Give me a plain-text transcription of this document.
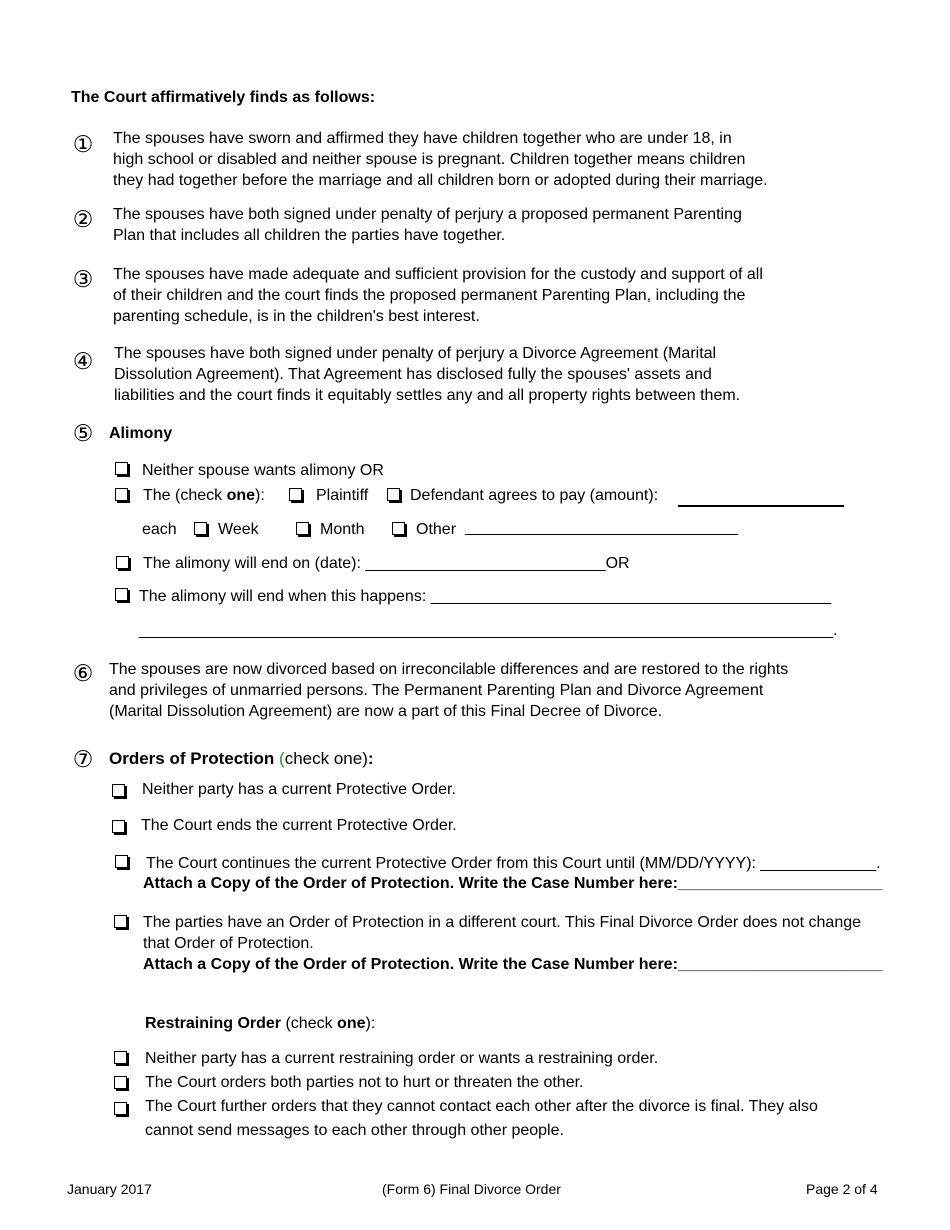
The Court affirmatively finds as follows:
① The spouses have sworn and affirmed they have children together who are under 18, in
high school or disabled and neither spouse is pregnant. Children together means children
they had together before the marriage and all children born or adopted during their marriage.
② The spouses have both signed under penalty of perjury a proposed permanent Parenting
Plan that includes all children the parties have together.
③ The spouses have made adequate and sufficient provision for the custody and support of all
of their children and the court finds the proposed permanent Parenting Plan, including the
parenting schedule, is in the children's best interest.
④ The spouses have both signed under penalty of perjury a Divorce Agreement (Marital
Dissolution Agreement). That Agreement has disclosed fully the spouses' assets and
liabilities and the court finds it equitably settles any and all property rights between them.
⑤ Alimony
Neither spouse wants alimony OR
The (check one):	Plaintiff	Defendant agrees to pay (amount):
each	Week	Month	Other
The alimony will end on (date): ___________________________OR
The alimony will end when this happens: _____________________________________________
______________________________________________________________________________.
⑥ The spouses are now divorced based on irreconcilable differences and are restored to the rights
and privileges of unmarried persons. The Permanent Parenting Plan and Divorce Agreement
(Marital Dissolution Agreement) are now a part of this Final Decree of Divorce.
⑦ Orders of Protection (check one):
Neither party has a current Protective Order.
The Court ends the current Protective Order.
The Court continues the current Protective Order from this Court until (MM/DD/YYYY): _____________.
Attach a Copy of the Order of Protection. Write the Case Number here:_______________________
The parties have an Order of Protection in a different court. This Final Divorce Order does not change
that Order of Protection.
Attach a Copy of the Order of Protection. Write the Case Number here:_______________________
Restraining Order (check one):
Neither party has a current restraining order or wants a restraining order.
The Court orders both parties not to hurt or threaten the other.
The Court further orders that they cannot contact each other after the divorce is final. They also
cannot send messages to each other through other people.
January 2017	(Form 6) Final Divorce Order	Page 2 of 4
